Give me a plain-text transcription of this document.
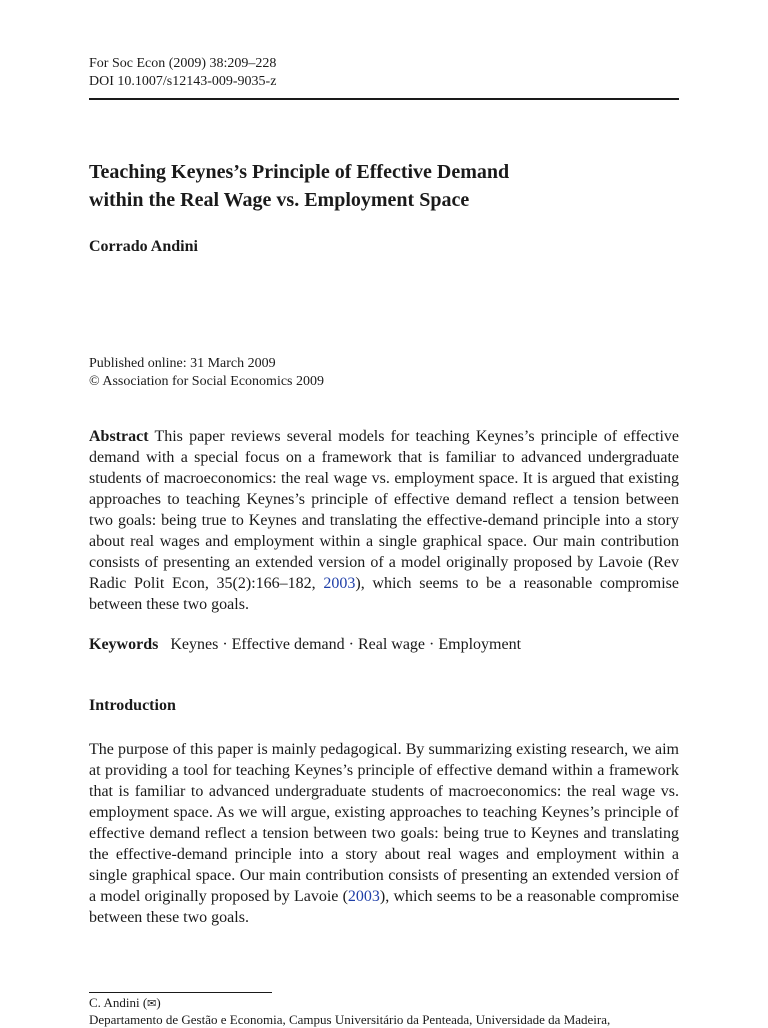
For Soc Econ (2009) 38:209–228
DOI 10.1007/s12143-009-9035-z
Teaching Keynes’s Principle of Effective Demand
within the Real Wage vs. Employment Space
Corrado Andini
Published online: 31 March 2009
© Association for Social Economics 2009
Abstract This paper reviews several models for teaching Keynes’s principle of effective demand with a special focus on a framework that is familiar to advanced undergraduate students of macroeconomics: the real wage vs. employment space. It is argued that existing approaches to teaching Keynes’s principle of effective demand reflect a tension between two goals: being true to Keynes and translating the effective-demand principle into a story about real wages and employment within a single graphical space. Our main contribution consists of presenting an extended version of a model originally proposed by Lavoie (Rev Radic Polit Econ, 35(2):166–182, 2003), which seems to be a reasonable compromise between these two goals.
Keywords Keynes · Effective demand · Real wage · Employment
Introduction
The purpose of this paper is mainly pedagogical. By summarizing existing research, we aim at providing a tool for teaching Keynes’s principle of effective demand within a framework that is familiar to advanced undergraduate students of macroeconomics: the real wage vs. employment space. As we will argue, existing approaches to teaching Keynes’s principle of effective demand reflect a tension between two goals: being true to Keynes and translating the effective-demand principle into a story about real wages and employment within a single graphical space. Our main contribution consists of presenting an extended version of a model originally proposed by Lavoie (2003), which seems to be a reasonable compromise between these two goals.
C. Andini (✉)
Departamento de Gestão e Economia, Campus Universitário da Penteada, Universidade da Madeira,
